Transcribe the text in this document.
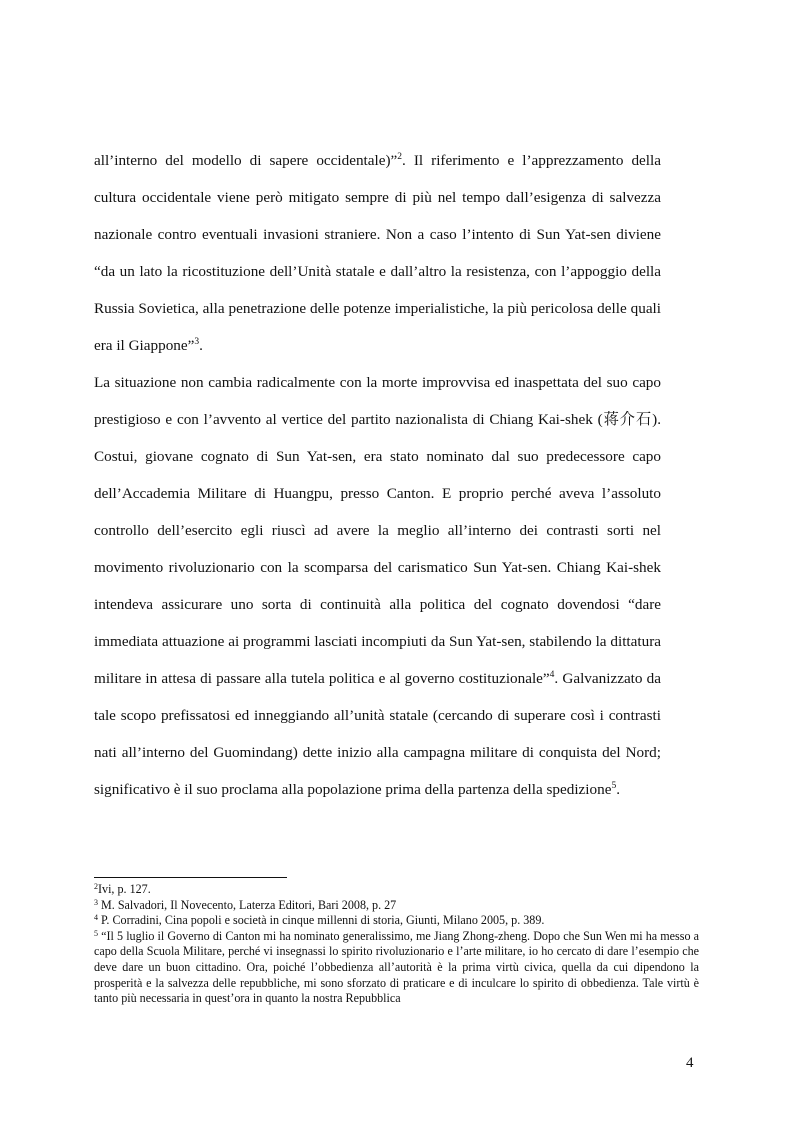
all’interno del modello di sapere occidentale)”$^2$. Il riferimento e l’apprezzamento della cultura occidentale viene però mitigato sempre di più nel tempo dall’esigenza di salvezza nazionale contro eventuali invasioni straniere. Non a caso l’intento di Sun Yat-sen diviene “da un lato la ricostituzione dell’Unità statale e dall’altro la resistenza, con l’appoggio della Russia Sovietica, alla penetrazione delle potenze imperialistiche, la più pericolosa delle quali era il Giappone”$^3$.

La situazione non cambia radicalmente con la morte improvvisa ed inaspettata del suo capo prestigioso e con l’avvento al vertice del partito nazionalista di Chiang Kai-shek (蒋介石). Costui, giovane cognato di Sun Yat-sen, era stato nominato dal suo predecessore capo dell’Accademia Militare di Huangpu, presso Canton. E proprio perché aveva l’assoluto controllo dell’esercito egli riuscì ad avere la meglio all’interno dei contrasti sorti nel movimento rivoluzionario con la scomparsa del carismatico Sun Yat-sen. Chiang Kai-shek intendeva assicurare uno sorta di continuità alla politica del cognato dovendosi “dare immediata attuazione ai programmi lasciati incompiuti da Sun Yat-sen, stabilendo la dittatura militare in attesa di passare alla tutela politica e al governo costituzionale”$^4$. Galvanizzato da tale scopo prefissatosi ed inneggiando all’unità statale (cercando di superare così i contrasti nati all’interno del Guomindang) dette inizio alla campagna militare di conquista del Nord; significativo è il suo proclama alla popolazione prima della partenza della spedizione$^5$.

$^2$Ivi, p. 127.

$^3$ M. Salvadori, Il Novecento, Laterza Editori, Bari 2008, p. 27

$^4$ P. Corradini, Cina popoli e società in cinque millenni di storia, Giunti, Milano 2005, p. 389.

$^5$ “Il 5 luglio il Governo di Canton mi ha nominato generalissimo, me Jiang Zhong-zheng. Dopo che Sun Wen mi ha messo a capo della Scuola Militare, perché vi insegnassi lo spirito rivoluzionario e l’arte militare, io ho cercato di dare l’esempio che deve dare un buon cittadino. Ora, poiché l’obbedienza all’autorità è la prima virtù civica, quella da cui dipendono la prosperità e la salvezza delle repubbliche, mi sono sforzato di praticare e di inculcare lo spirito di obbedienza. Tale virtù è tanto più necessaria in quest’ora in quanto la nostra Repubblica

4
